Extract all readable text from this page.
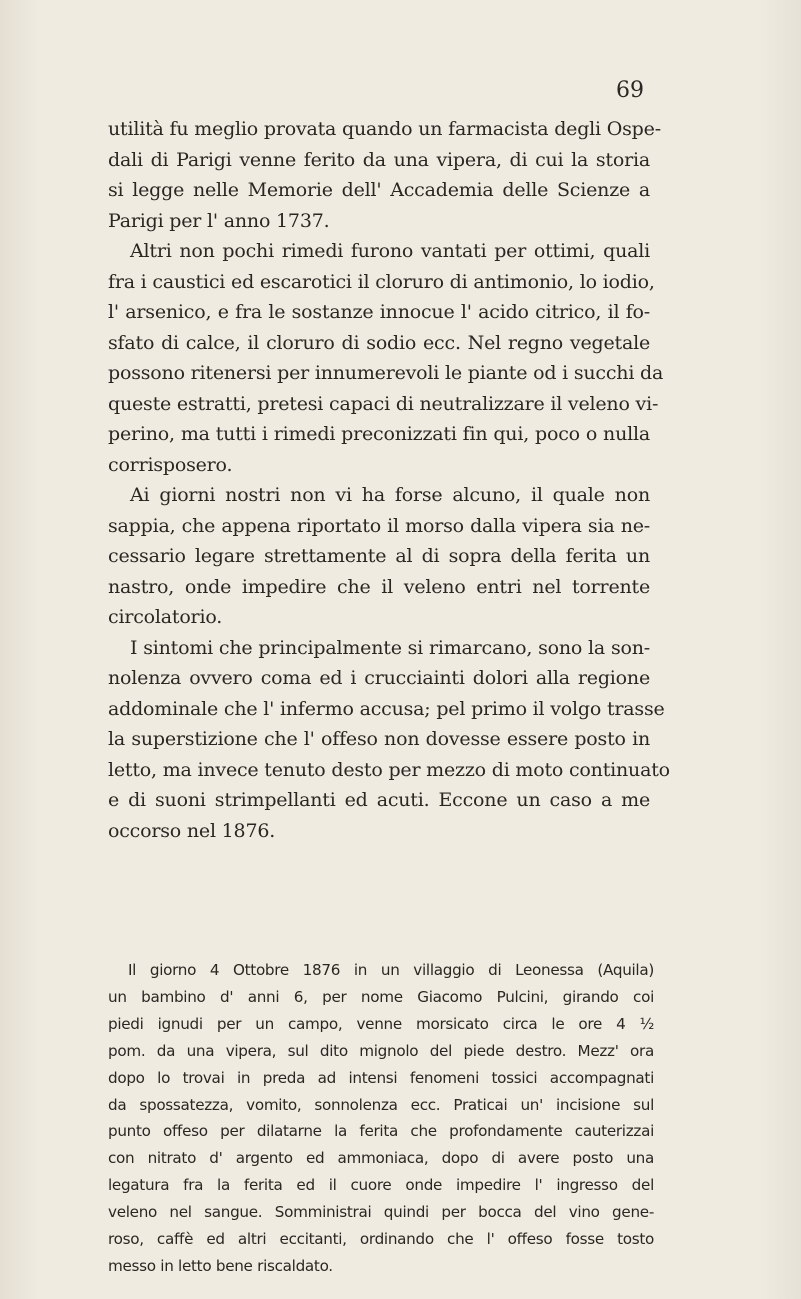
69
utilità fu meglio provata quando un farmacista degli Ospe-
dali di Parigi venne ferito da una vipera, di cui la storia
si legge nelle Memorie dell' Accademia delle Scienze a
Parigi per l' anno 1737.
Altri non pochi rimedi furono vantati per ottimi, quali
fra i caustici ed escarotici il cloruro di antimonio, lo iodio,
l' arsenico, e fra le sostanze innocue l' acido citrico, il fo-
sfato di calce, il cloruro di sodio ecc. Nel regno vegetale
possono ritenersi per innumerevoli le piante od i succhi da
queste estratti, pretesi capaci di neutralizzare il veleno vi-
perino, ma tutti i rimedi preconizzati fin qui, poco o nulla
corrisposero.
Ai giorni nostri non vi ha forse alcuno, il quale non
sappia, che appena riportato il morso dalla vipera sia ne-
cessario legare strettamente al di sopra della ferita un
nastro, onde impedire che il veleno entri nel torrente
circolatorio.
I sintomi che principalmente si rimarcano, sono la son-
nolenza ovvero coma ed i crucciainti dolori alla regione
addominale che l' infermo accusa; pel primo il volgo trasse
la superstizione che l' offeso non dovesse essere posto in
letto, ma invece tenuto desto per mezzo di moto continuato
e di suoni strimpellanti ed acuti. Eccone un caso a me
occorso nel 1876.
Il giorno 4 Ottobre 1876 in un villaggio di Leonessa (Aquila)
un bambino d' anni 6, per nome Giacomo Pulcini, girando coi
piedi ignudi per un campo, venne morsicato circa le ore 4 ½
pom. da una vipera, sul dito mignolo del piede destro. Mezz' ora
dopo lo trovai in preda ad intensi fenomeni tossici accompagnati
da spossatezza, vomito, sonnolenza ecc. Praticai un' incisione sul
punto offeso per dilatarne la ferita che profondamente cauterizzai
con nitrato d' argento ed ammoniaca, dopo di avere posto una
legatura fra la ferita ed il cuore onde impedire l' ingresso del
veleno nel sangue. Somministrai quindi per bocca del vino gene-
roso, caffè ed altri eccitanti, ordinando che l' offeso fosse tosto
messo in letto bene riscaldato.
